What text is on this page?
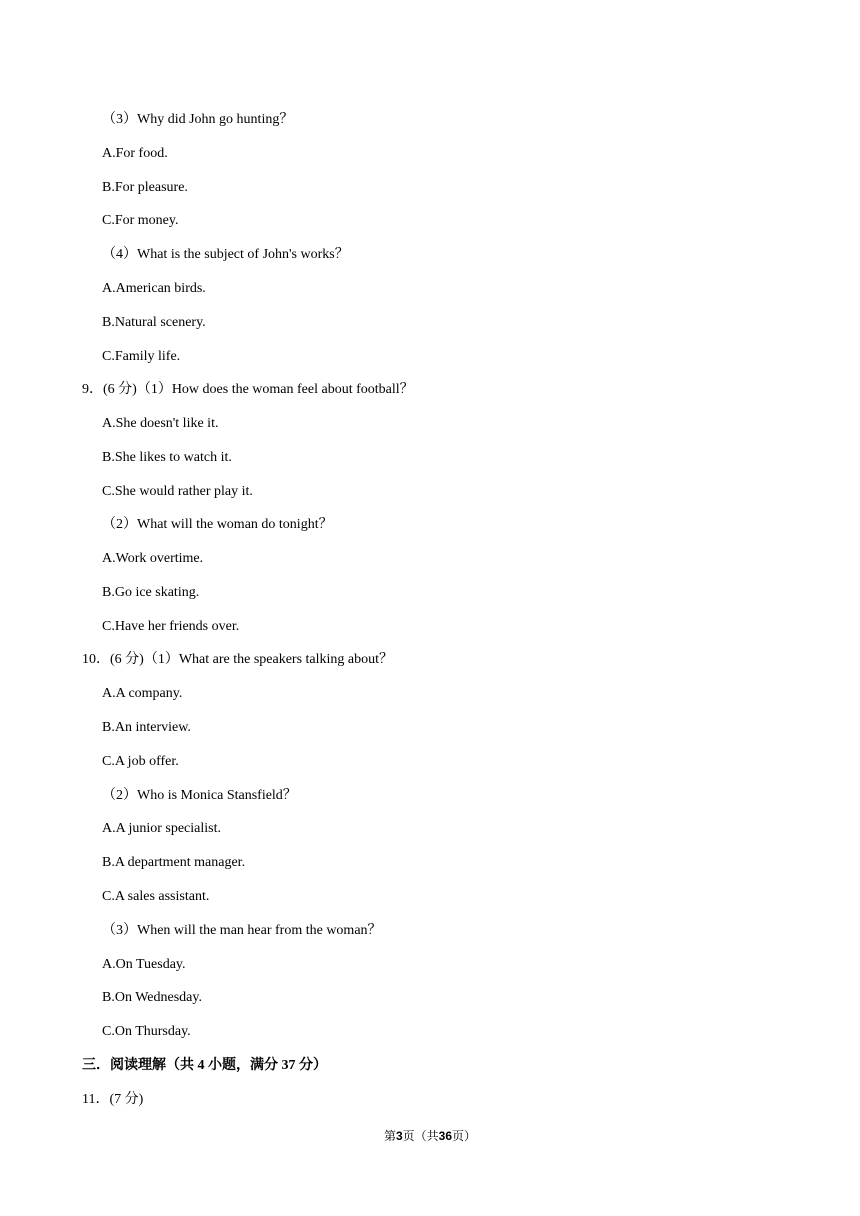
（3）Why did John go hunting？
A.For food.
B.For pleasure.
C.For money.
（4）What is the subject of John's works？
A.American birds.
B.Natural scenery.
C.Family life.
9．(6 分)（1）How does the woman feel about football？
A.She doesn't like it.
B.She likes to watch it.
C.She would rather play it.
（2）What will the woman do tonight？
A.Work overtime.
B.Go ice skating.
C.Have her friends over.
10．(6 分)（1）What are the speakers talking about？
A.A company.
B.An interview.
C.A job offer.
（2）Who is Monica Stansfield？
A.A junior specialist.
B.A department manager.
C.A sales assistant.
（3）When will the man hear from the woman？
A.On Tuesday.
B.On Wednesday.
C.On Thursday.
三．阅读理解（共 4 小题，满分 37 分）
11．(7 分)
第3页（共36页）
